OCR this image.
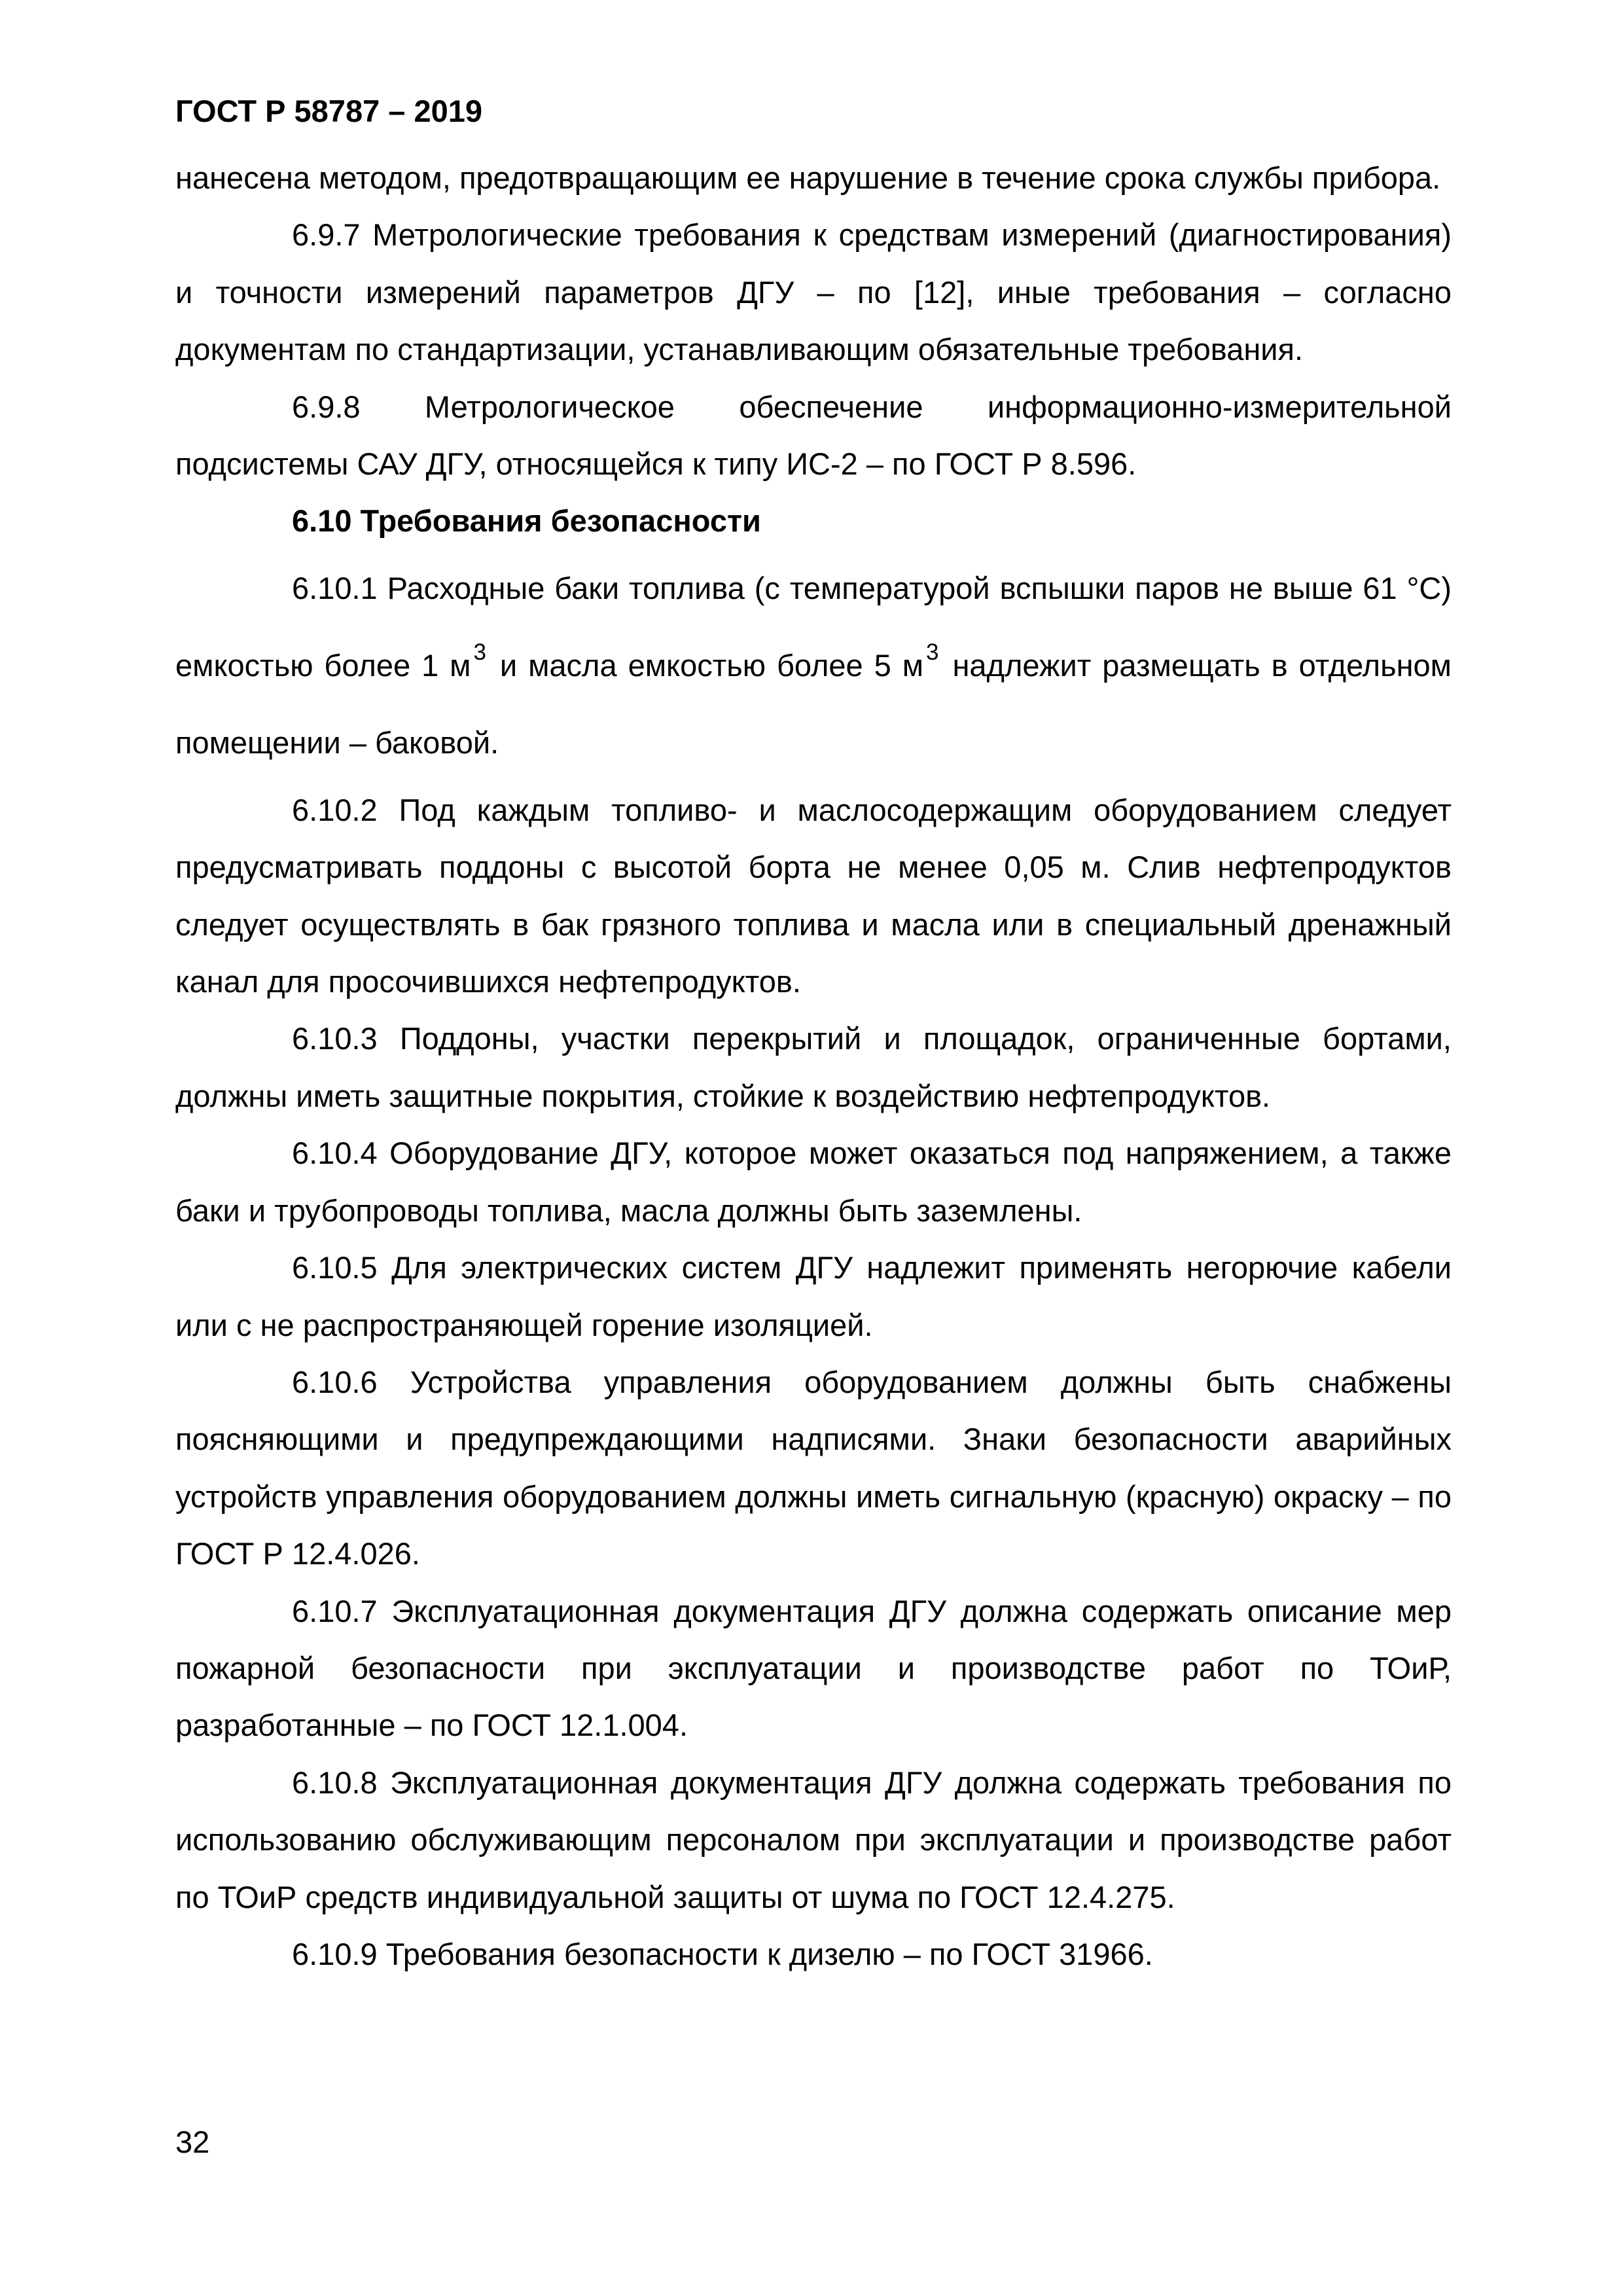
ГОСТ Р 58787 – 2019

нанесена методом, предотвращающим ее нарушение в течение срока службы прибора.

6.9.7 Метрологические требования к средствам измерений (диагностирования) и точности измерений параметров ДГУ – по [12], иные требования – согласно документам по стандартизации, устанавливающим обязательные требования.

6.9.8 Метрологическое обеспечение информационно-измерительной подсистемы САУ ДГУ, относящейся к типу ИС-2 – по ГОСТ Р 8.596.

6.10 Требования безопасности

6.10.1 Расходные баки топлива (с температурой вспышки паров не выше 61 °С) емкостью более 1 м $^3$ и масла емкостью более 5 м $^3$ надлежит размещать в отдельном помещении – баковой.

6.10.2 Под каждым топливо- и маслосодержащим оборудованием следует предусматривать поддоны с высотой борта не менее 0,05 м. Слив нефтепродуктов следует осуществлять в бак грязного топлива и масла или в специальный дренажный канал для просочившихся нефтепродуктов.

6.10.3 Поддоны, участки перекрытий и площадок, ограниченные бортами, должны иметь защитные покрытия, стойкие к воздействию нефтепродуктов.

6.10.4 Оборудование ДГУ, которое может оказаться под напряжением, а также баки и трубопроводы топлива, масла должны быть заземлены.

6.10.5 Для электрических систем ДГУ надлежит применять негорючие кабели или с не распространяющей горение изоляцией.

6.10.6 Устройства управления оборудованием должны быть снабжены поясняющими и предупреждающими надписями. Знаки безопасности аварийных устройств управления оборудованием должны иметь сигнальную (красную) окраску – по ГОСТ Р 12.4.026.

6.10.7 Эксплуатационная документация ДГУ должна содержать описание мер пожарной безопасности при эксплуатации и производстве работ по ТОиР, разработанные – по ГОСТ 12.1.004.

6.10.8 Эксплуатационная документация ДГУ должна содержать требования по использованию обслуживающим персоналом при эксплуатации и производстве работ по ТОиР средств индивидуальной защиты от шума по ГОСТ 12.4.275.

6.10.9 Требования безопасности к дизелю – по ГОСТ 31966.

32
